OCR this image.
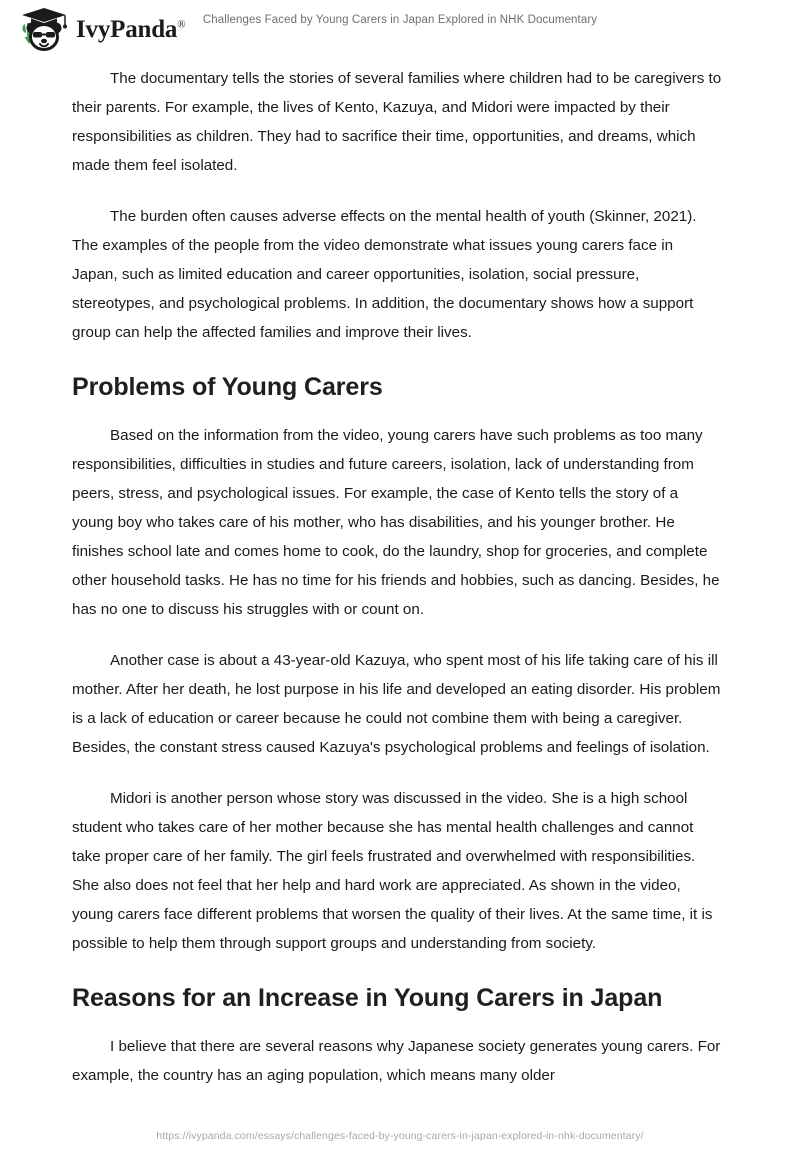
IvyPanda®	Challenges Faced by Young Carers in Japan Explored in NHK Documentary

The documentary tells the stories of several families where children had to be caregivers to their parents. For example, the lives of Kento, Kazuya, and Midori were impacted by their responsibilities as children. They had to sacrifice their time, opportunities, and dreams, which made them feel isolated.

The burden often causes adverse effects on the mental health of youth (Skinner, 2021). The examples of the people from the video demonstrate what issues young carers face in Japan, such as limited education and career opportunities, isolation, social pressure, stereotypes, and psychological problems. In addition, the documentary shows how a support group can help the affected families and improve their lives.

Problems of Young Carers

Based on the information from the video, young carers have such problems as too many responsibilities, difficulties in studies and future careers, isolation, lack of understanding from peers, stress, and psychological issues. For example, the case of Kento tells the story of a young boy who takes care of his mother, who has disabilities, and his younger brother. He finishes school late and comes home to cook, do the laundry, shop for groceries, and complete other household tasks. He has no time for his friends and hobbies, such as dancing. Besides, he has no one to discuss his struggles with or count on.

Another case is about a 43-year-old Kazuya, who spent most of his life taking care of his ill mother. After her death, he lost purpose in his life and developed an eating disorder. His problem is a lack of education or career because he could not combine them with being a caregiver. Besides, the constant stress caused Kazuya's psychological problems and feelings of isolation.

Midori is another person whose story was discussed in the video. She is a high school student who takes care of her mother because she has mental health challenges and cannot take proper care of her family. The girl feels frustrated and overwhelmed with responsibilities. She also does not feel that her help and hard work are appreciated. As shown in the video, young carers face different problems that worsen the quality of their lives. At the same time, it is possible to help them through support groups and understanding from society.

Reasons for an Increase in Young Carers in Japan

I believe that there are several reasons why Japanese society generates young carers. For example, the country has an aging population, which means many older

https://ivypanda.com/essays/challenges-faced-by-young-carers-in-japan-explored-in-nhk-documentary/
